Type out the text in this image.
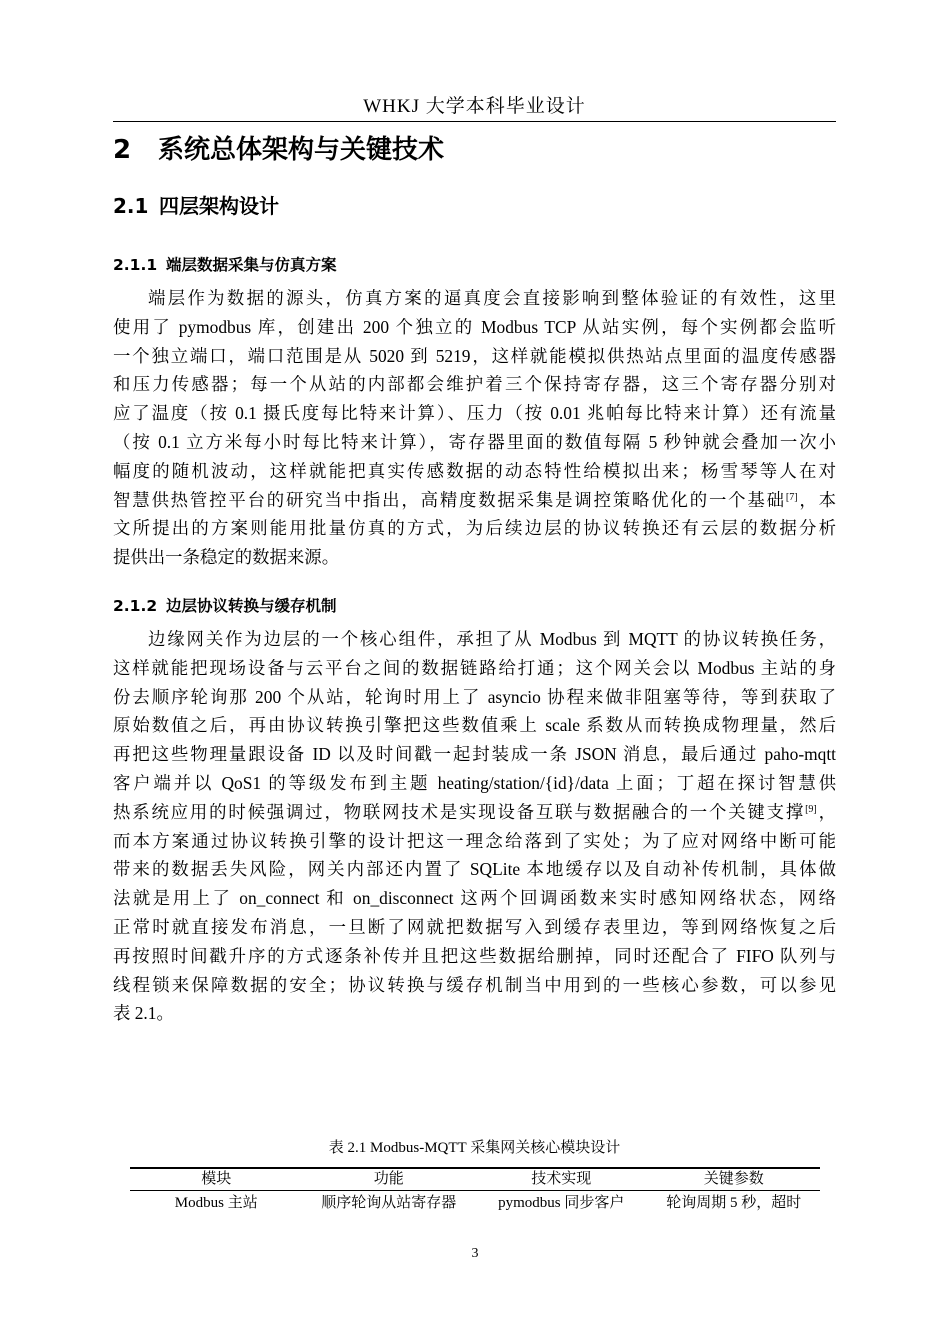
WHKJ 大学本科毕业设计
2 系统总体架构与关键技术
2.1 四层架构设计
2.1.1 端层数据采集与仿真方案
端层作为数据的源头，仿真方案的逼真度会直接影响到整体验证的有效性，这里
使用了 pymodbus 库，创建出 200 个独立的 Modbus TCP 从站实例，每个实例都会监听
一个独立端口，端口范围是从 5020 到 5219，这样就能模拟供热站点里面的温度传感器
和压力传感器；每一个从站的内部都会维护着三个保持寄存器，这三个寄存器分别对
应了温度（按 0.1 摄氏度每比特来计算）、压力（按 0.01 兆帕每比特来计算）还有流量
（按 0.1 立方米每小时每比特来计算），寄存器里面的数值每隔 5 秒钟就会叠加一次小
幅度的随机波动，这样就能把真实传感数据的动态特性给模拟出来；杨雪琴等人在对
智慧供热管控平台的研究当中指出，高精度数据采集是调控策略优化的一个基础[7]，本
文所提出的方案则能用批量仿真的方式，为后续边层的协议转换还有云层的数据分析
提供出一条稳定的数据来源。
2.1.2 边层协议转换与缓存机制
边缘网关作为边层的一个核心组件，承担了从 Modbus 到 MQTT 的协议转换任务，
这样就能把现场设备与云平台之间的数据链路给打通；这个网关会以 Modbus 主站的身
份去顺序轮询那 200 个从站，轮询时用上了 asyncio 协程来做非阻塞等待，等到获取了
原始数值之后，再由协议转换引擎把这些数值乘上 scale 系数从而转换成物理量，然后
再把这些物理量跟设备 ID 以及时间戳一起封装成一条 JSON 消息，最后通过 paho-mqtt
客户端并以 QoS1 的等级发布到主题 heating/station/{id}/data 上面；丁超在探讨智慧供
热系统应用的时候强调过，物联网技术是实现设备互联与数据融合的一个关键支撑[9]，
而本方案通过协议转换引擎的设计把这一理念给落到了实处；为了应对网络中断可能
带来的数据丢失风险，网关内部还内置了 SQLite 本地缓存以及自动补传机制，具体做
法就是用上了 on_connect 和 on_disconnect 这两个回调函数来实时感知网络状态，网络
正常时就直接发布消息，一旦断了网就把数据写入到缓存表里边，等到网络恢复之后
再按照时间戳升序的方式逐条补传并且把这些数据给删掉，同时还配合了 FIFO 队列与
线程锁来保障数据的安全；协议转换与缓存机制当中用到的一些核心参数，可以参见
表 2.1。
表 2.1 Modbus-MQTT 采集网关核心模块设计
模块	功能	技术实现	关键参数
Modbus 主站	顺序轮询从站寄存器	pymodbus 同步客户	轮询周期 5 秒，超时
3
